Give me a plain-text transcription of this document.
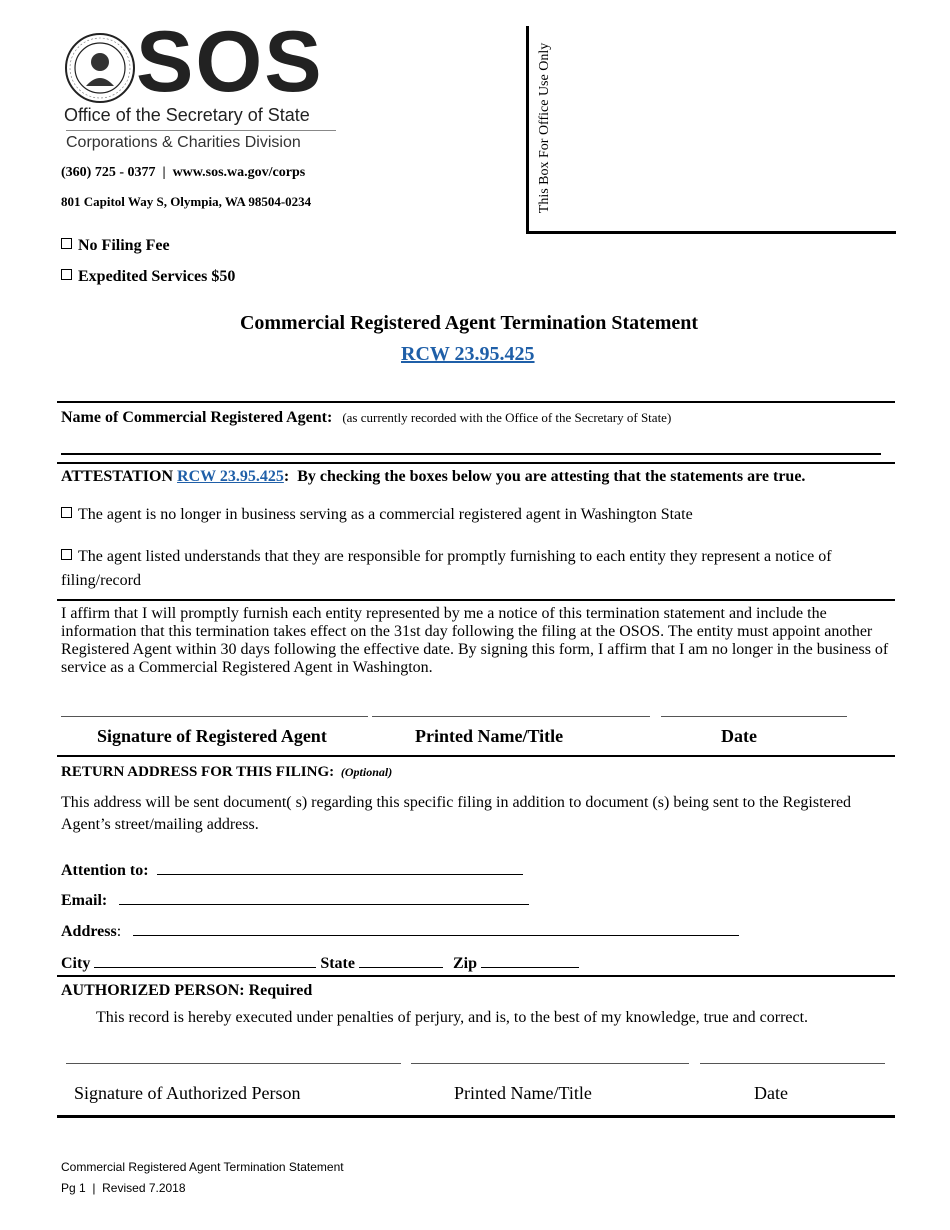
SOS
Office of the Secretary of State
Corporations & Charities Division
(360) 725 - 0377  |  www.sos.wa.gov/corps
801 Capitol Way S, Olympia, WA 98504-0234
No Filing Fee
Expedited Services $50
This Box For Office Use Only
Commercial Registered Agent Termination Statement
RCW 23.95.425
Name of Commercial Registered Agent: (as currently recorded with the Office of the Secretary of State)
ATTESTATION RCW 23.95.425:  By checking the boxes below you are attesting that the statements are true.
The agent is no longer in business serving as a commercial registered agent in Washington State
The agent listed understands that they are responsible for promptly furnishing to each entity they represent a notice of
filing/record
I affirm that I will promptly furnish each entity represented by me a notice of this termination statement and include the information that this termination takes effect on the 31st day following the filing at the OSOS. The entity must appoint another Registered Agent within 30 days following the effective date. By signing this form, I affirm that I am no longer in the business of service as a Commercial Registered Agent in Washington.
Signature of Registered Agent	Printed Name/Title	Date
RETURN ADDRESS FOR THIS FILING: (Optional)
This address will be sent document( s) regarding this specific filing in addition to document (s) being sent to the Registered Agent’s street/mailing address.
Attention to:
Email:
Address:
City	State	Zip
AUTHORIZED PERSON: Required
This record is hereby executed under penalties of perjury, and is, to the best of my knowledge, true and correct.
Signature of Authorized Person	Printed Name/Title	Date
Commercial Registered Agent Termination Statement
Pg 1  |  Revised 7.2018
